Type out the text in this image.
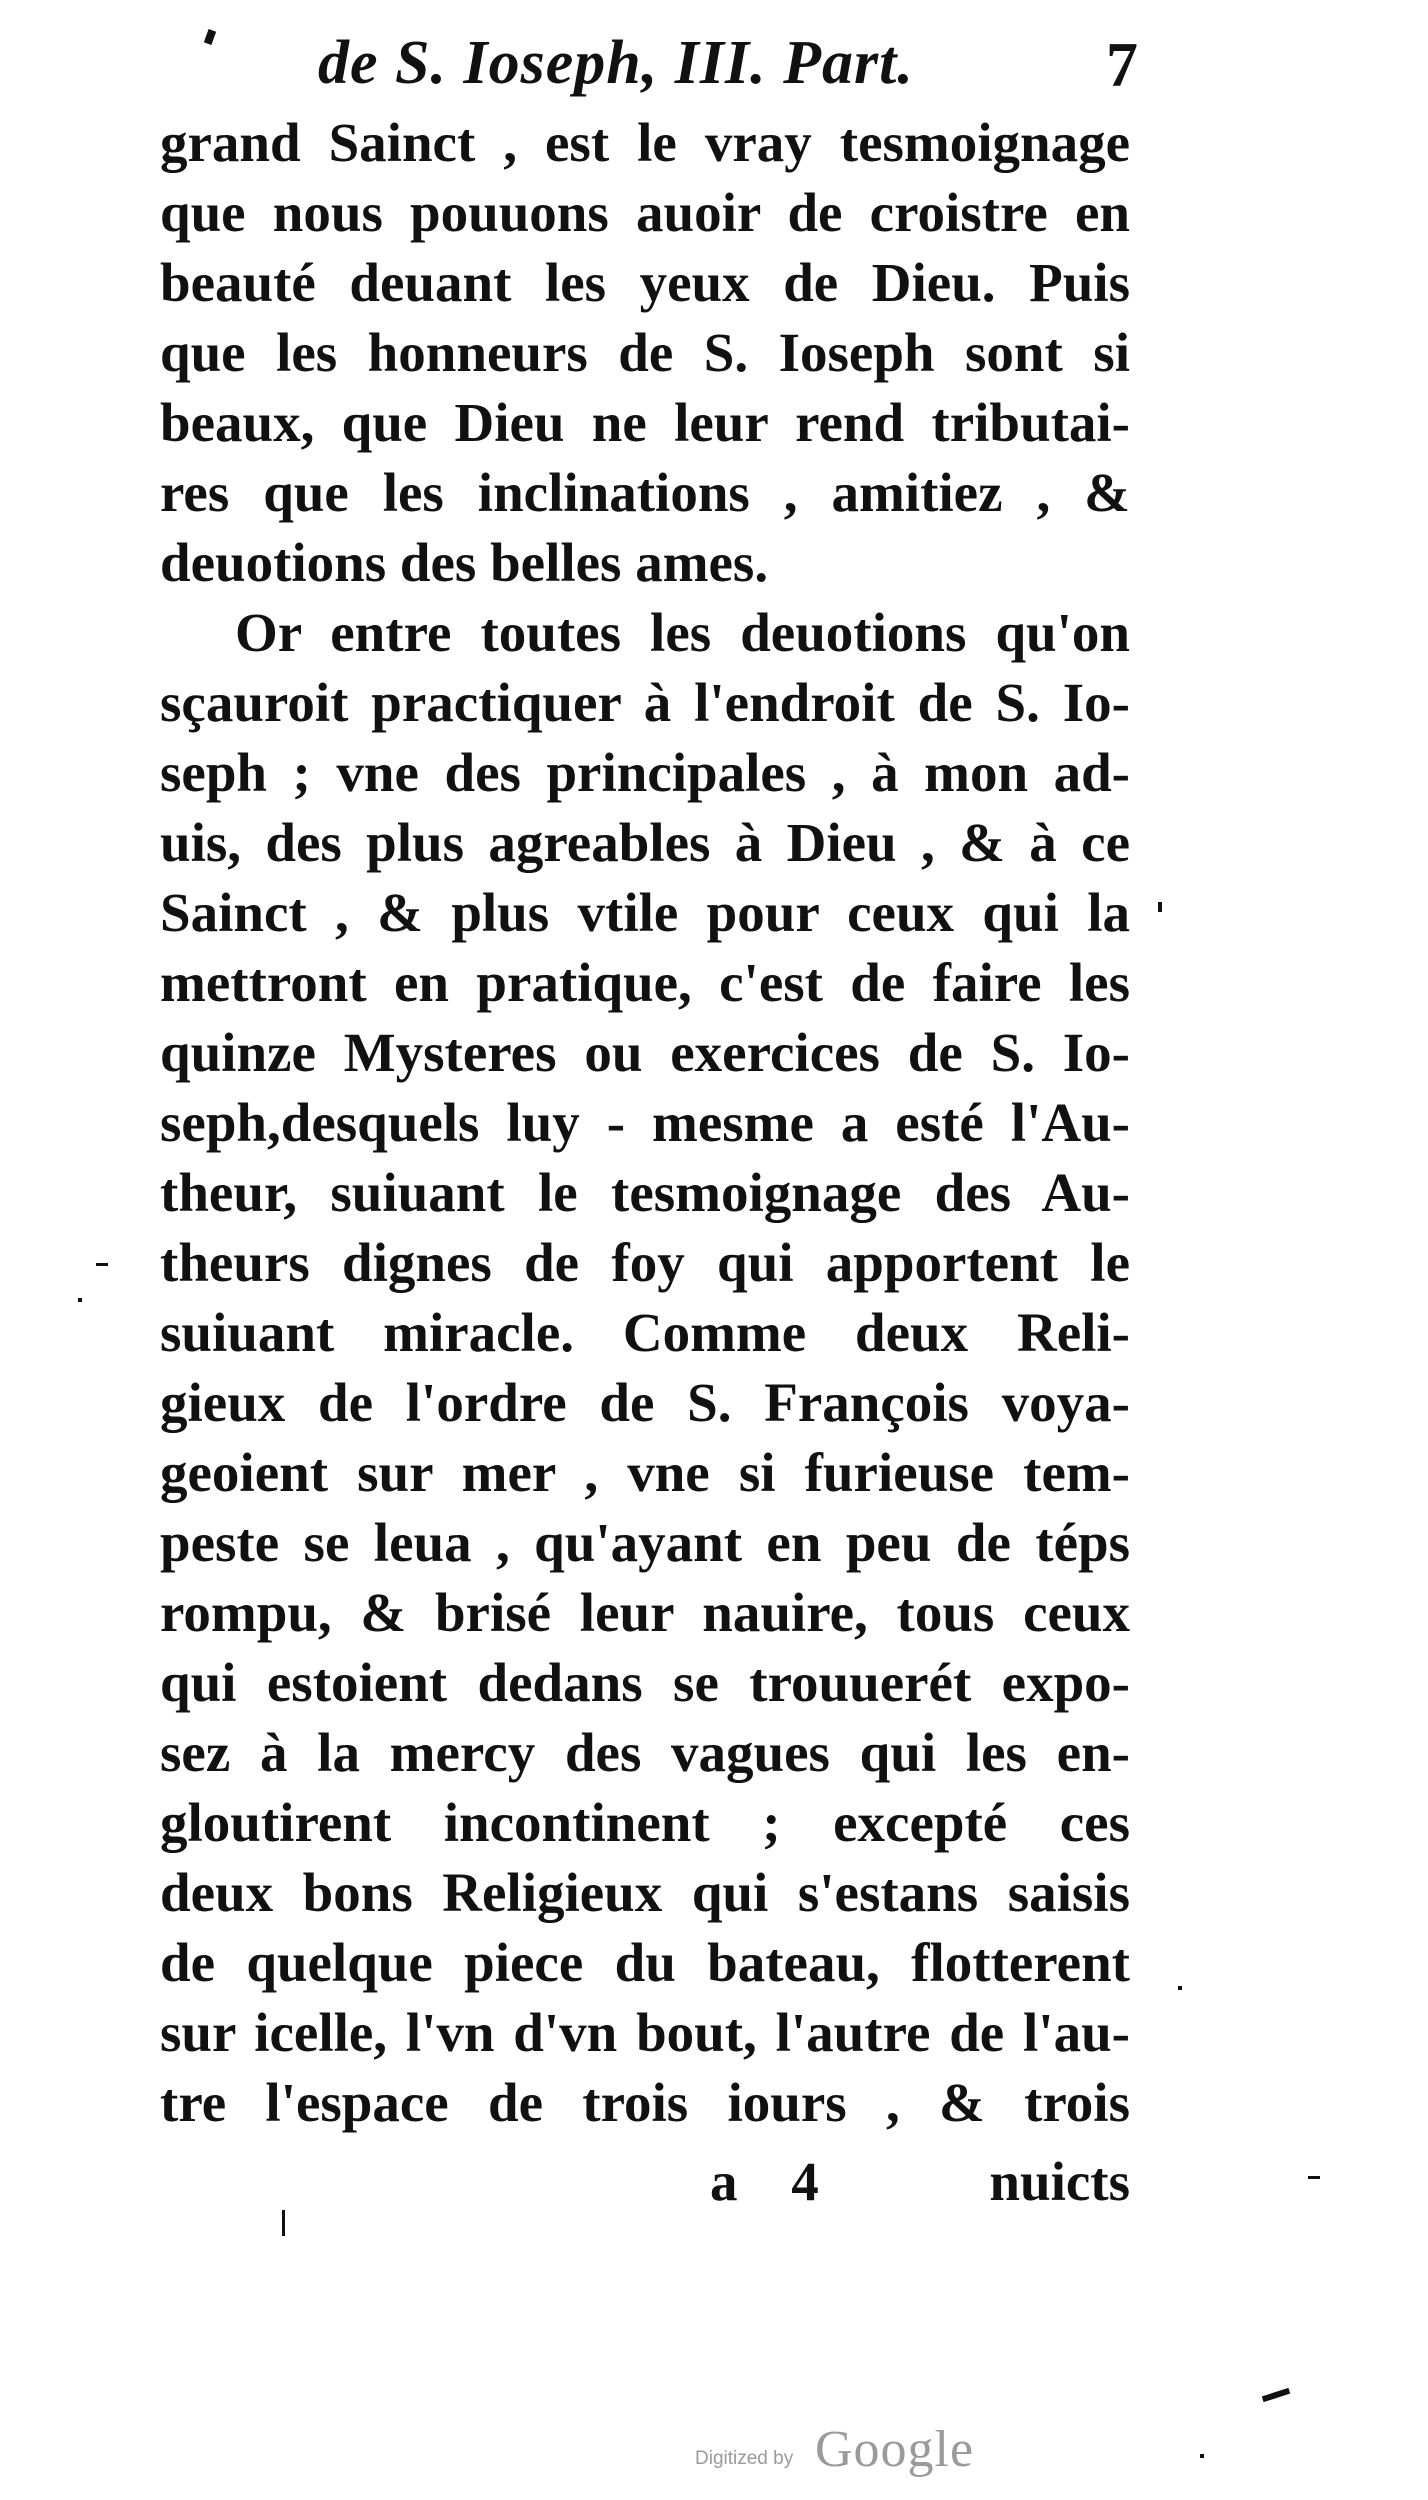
de S. Ioseph, III. Part.	7

grand Sainct , est le vray tesmoignage
que nous pouuons auoir de croistre en
beauté deuant les yeux de Dieu. Puis
que les honneurs de S. Ioseph sont si
beaux, que Dieu ne leur rend tributai-
res que les inclinations , amitiez , &
deuotions des belles ames.
Or entre toutes les deuotions qu'on
sçauroit practiquer à l'endroit de S. Io-
seph ; vne des principales , à mon ad-
uis, des plus agreables à Dieu , & à ce
Sainct , & plus vtile pour ceux qui la
mettront en pratique, c'est de faire les
quinze Mysteres ou exercices de S. Io-
seph,desquels luy - mesme a esté l'Au-
theur, suiuant le tesmoignage des Au-
theurs dignes de foy qui apportent le
suiuant miracle. Comme deux Reli-
gieux de l'ordre de S. François voya-
geoient sur mer , vne si furieuse tem-
peste se leua , qu'ayant en peu de téps
rompu, & brisé leur nauire, tous ceux
qui estoient dedans se trouuerét expo-
sez à la mercy des vagues qui les en-
gloutirent incontinent ; excepté ces
deux bons Religieux qui s'estans saisis
de quelque piece du bateau, flotterent
sur icelle, l'vn d'vn bout, l'autre de l'au-
tre l'espace de trois iours , & trois

a 4	nuicts
Digitized by Google
